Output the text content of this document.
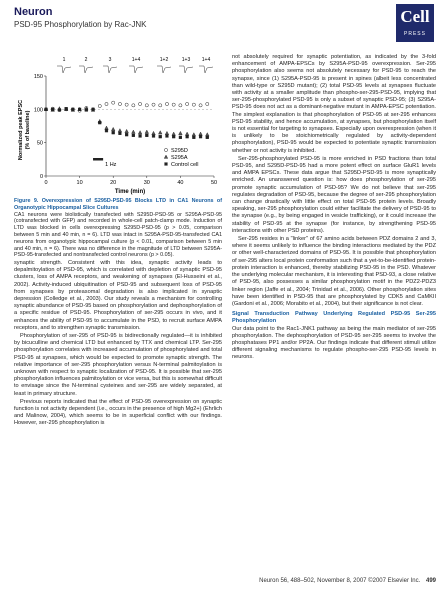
Neuron
PSD-95 Phosphorylation by Rac-JNK	Cell
PRESS
1	2	3	1+4	1+2	1+3 1+4
0
50
100
150
0	10	20	30	40	50
1 Hz
Normalized peak EPSC (% of baseline)
Time (min)
S295D
S295A
Control cell
Figure 9. Overexpression of S295D-PSD-95 Blocks LTD in CA1 Neurons of Organotypic Hippocampal Slice Cultures
CA1 neurons were biolistically transfected with S295D-PSD-95 or S295A-PSD-95 (cotransfected with GFP) and recorded in whole-cell patch-clamp mode. Induction of LTD was blocked in cells overexpressing S295D-PSD-95 (p > 0.05, comparison between 5 min and 40 min, n = 6). LTD was intact in S295A-PSD-95-transfected CA1 neurons from organotypic hippocampal culture (p < 0.01, comparison between 5 min and 40 min, n = 6). There was no difference in the magnitude of LTD between S295A-PSD-95-transfected and nontransfected control neurons (p > 0.05).

synaptic strength. Consistent with this idea, synaptic activity leads to depalmitoylation of PSD-95, which is correlated with depletion of synaptic PSD-95 clusters, loss of AMPA receptors, and weakening of synapses (El-Husseini et al., 2002). Activity-induced ubiquitination of PSD-95 and subsequent loss of PSD-95 from synapses by proteasomal degradation is also implicated in synaptic depression (Colledge et al., 2003). Our study reveals a mechanism for controlling synaptic abundance of PSD-95 based on phosphorylation and dephosphorylation of a specific residue of PSD-95. Phosphorylation of ser-295 occurs in vivo, and it enhances the ability of PSD-95 to accumulate in the PSD, to recruit surface AMPA receptors, and to strengthen synaptic transmission.

Phosphorylation of ser-295 of PSD-95 is bidirectionally regulated—it is inhibited by bicuculline and chemical LTD but enhanced by TTX and chemical LTP. Ser-295 phosphorylation correlates with increased accumulation of phosphorylated and total PSD-95 at synapses, which would be expected to promote synaptic strength. The relative importance of ser-295 phosphorylation versus N-terminal palmitoylation is unknown with respect to synaptic localization of PSD-95. It is possible that ser-295 phosphorylation influences palmitoylation or vice versa, but this is somewhat difficult to envisage since the N-terminal cysteines and ser-295 are widely separated, at least in primary structure.

Previous reports indicated that the effect of PSD-95 overexpression on synaptic function is not activity dependent (i.e., occurs in the presence of high Mg2+) (Ehrlich and Malinow, 2004), which seems to be in superficial conflict with our findings. However, ser-295 phosphorylation is

not absolutely required for synaptic potentiation, as indicated by the 3-fold enhancement of AMPA-EPSCs by S295A-PSD-95 overexpression. Ser-295 phosphorylation also seems not absolutely necessary for PSD-95 to reach the synapse, since (1) S295A-PSD-95 is present in spines (albeit less concentrated than wild-type or S295D mutant); (2) total PSD-95 levels at synapses fluctuate with activity at a smaller amplitude than phospho-ser-295-PSD-95, implying that ser-295-phosphorylated PSD-95 is only a subset of synaptic PSD-95; (3) S295A-PSD-95 does not act as a dominant-negative mutant in AMPA-EPSC potentiation. The simplest explanation is that phosphorylation of PSD-95 at ser-295 enhances PSD-95 stability, and hence accumulation, at synapses, but phosphorylation itself is not essential for targeting to synapses. Especially upon overexpression (when it is unlikely to be stoichiometrically regulated by activity-dependent phosphorylation), PSD-95 would be expected to potentiate synaptic transmission whether or not activity is inhibited.

Ser-295-phosphorylated PSD-95 is more enriched in PSD fractions than total PSD-95, and S295D-PSD-95 had a more potent effect on surface GluR1 levels and AMPA EPSCs. These data argue that S295D-PSD-95 is more synaptically enriched. An unanswered question is: how does phosphorylation of ser-295 promote synaptic accumulation of PSD-95? We do not believe that ser-295 regulates degradation of PSD-95, because the degree of ser-295 phosphorylation can change drastically with little effect on total PSD-95 protein levels. Broadly speaking, ser-295 phosphorylation could either facilitate the delivery of PSD-95 to the synapse (e.g., by being engaged in vesicle trafficking), or it could increase the stability of PSD-95 at the synapse (for instance, by strengthening PSD-95 interactions with other PSD proteins).

Ser-295 resides in a "linker" of 67 amino acids between PDZ domains 2 and 3, where it seems unlikely to influence the binding interactions mediated by the PDZ or other well-characterized domains of PSD-95. It is possible that phosphorylation of ser-295 alters local protein conformation such that a yet-to-be-identified protein-protein interaction is enhanced, thereby stabilizing PSD-95 in the PSD. Whatever the underlying molecular mechanism, it is interesting that PSD-93, a close relative of PSD-95, also possesses a similar phosphorylation motif in the PDZ2-PDZ3 linker region (Jaffe et al., 2004; Trinidad et al., 2006). Other phosphorylation sites have been identified in PSD-95 that are phosphorylated by CDK5 and CaMKII (Gardoni et al., 2006; Morabito et al., 2004), but their significance is not clear.

Signal Transduction Pathway Underlying Regulated PSD-95 Ser-295 Phosphorylation

Our data point to the Rac1-JNK1 pathway as being the main mediator of ser-295 phosphorylation. The dephosphorylation of PSD-95 ser-295 seems to involve the phosphatases PP1 and/or PP2A. Our findings indicate that different stimuli utilize different signaling mechanisms to regulate phospho-ser-295 PSD-95 levels in neurons.

Neuron 56, 488–502, November 8, 2007 ©2007 Elsevier Inc. 499
